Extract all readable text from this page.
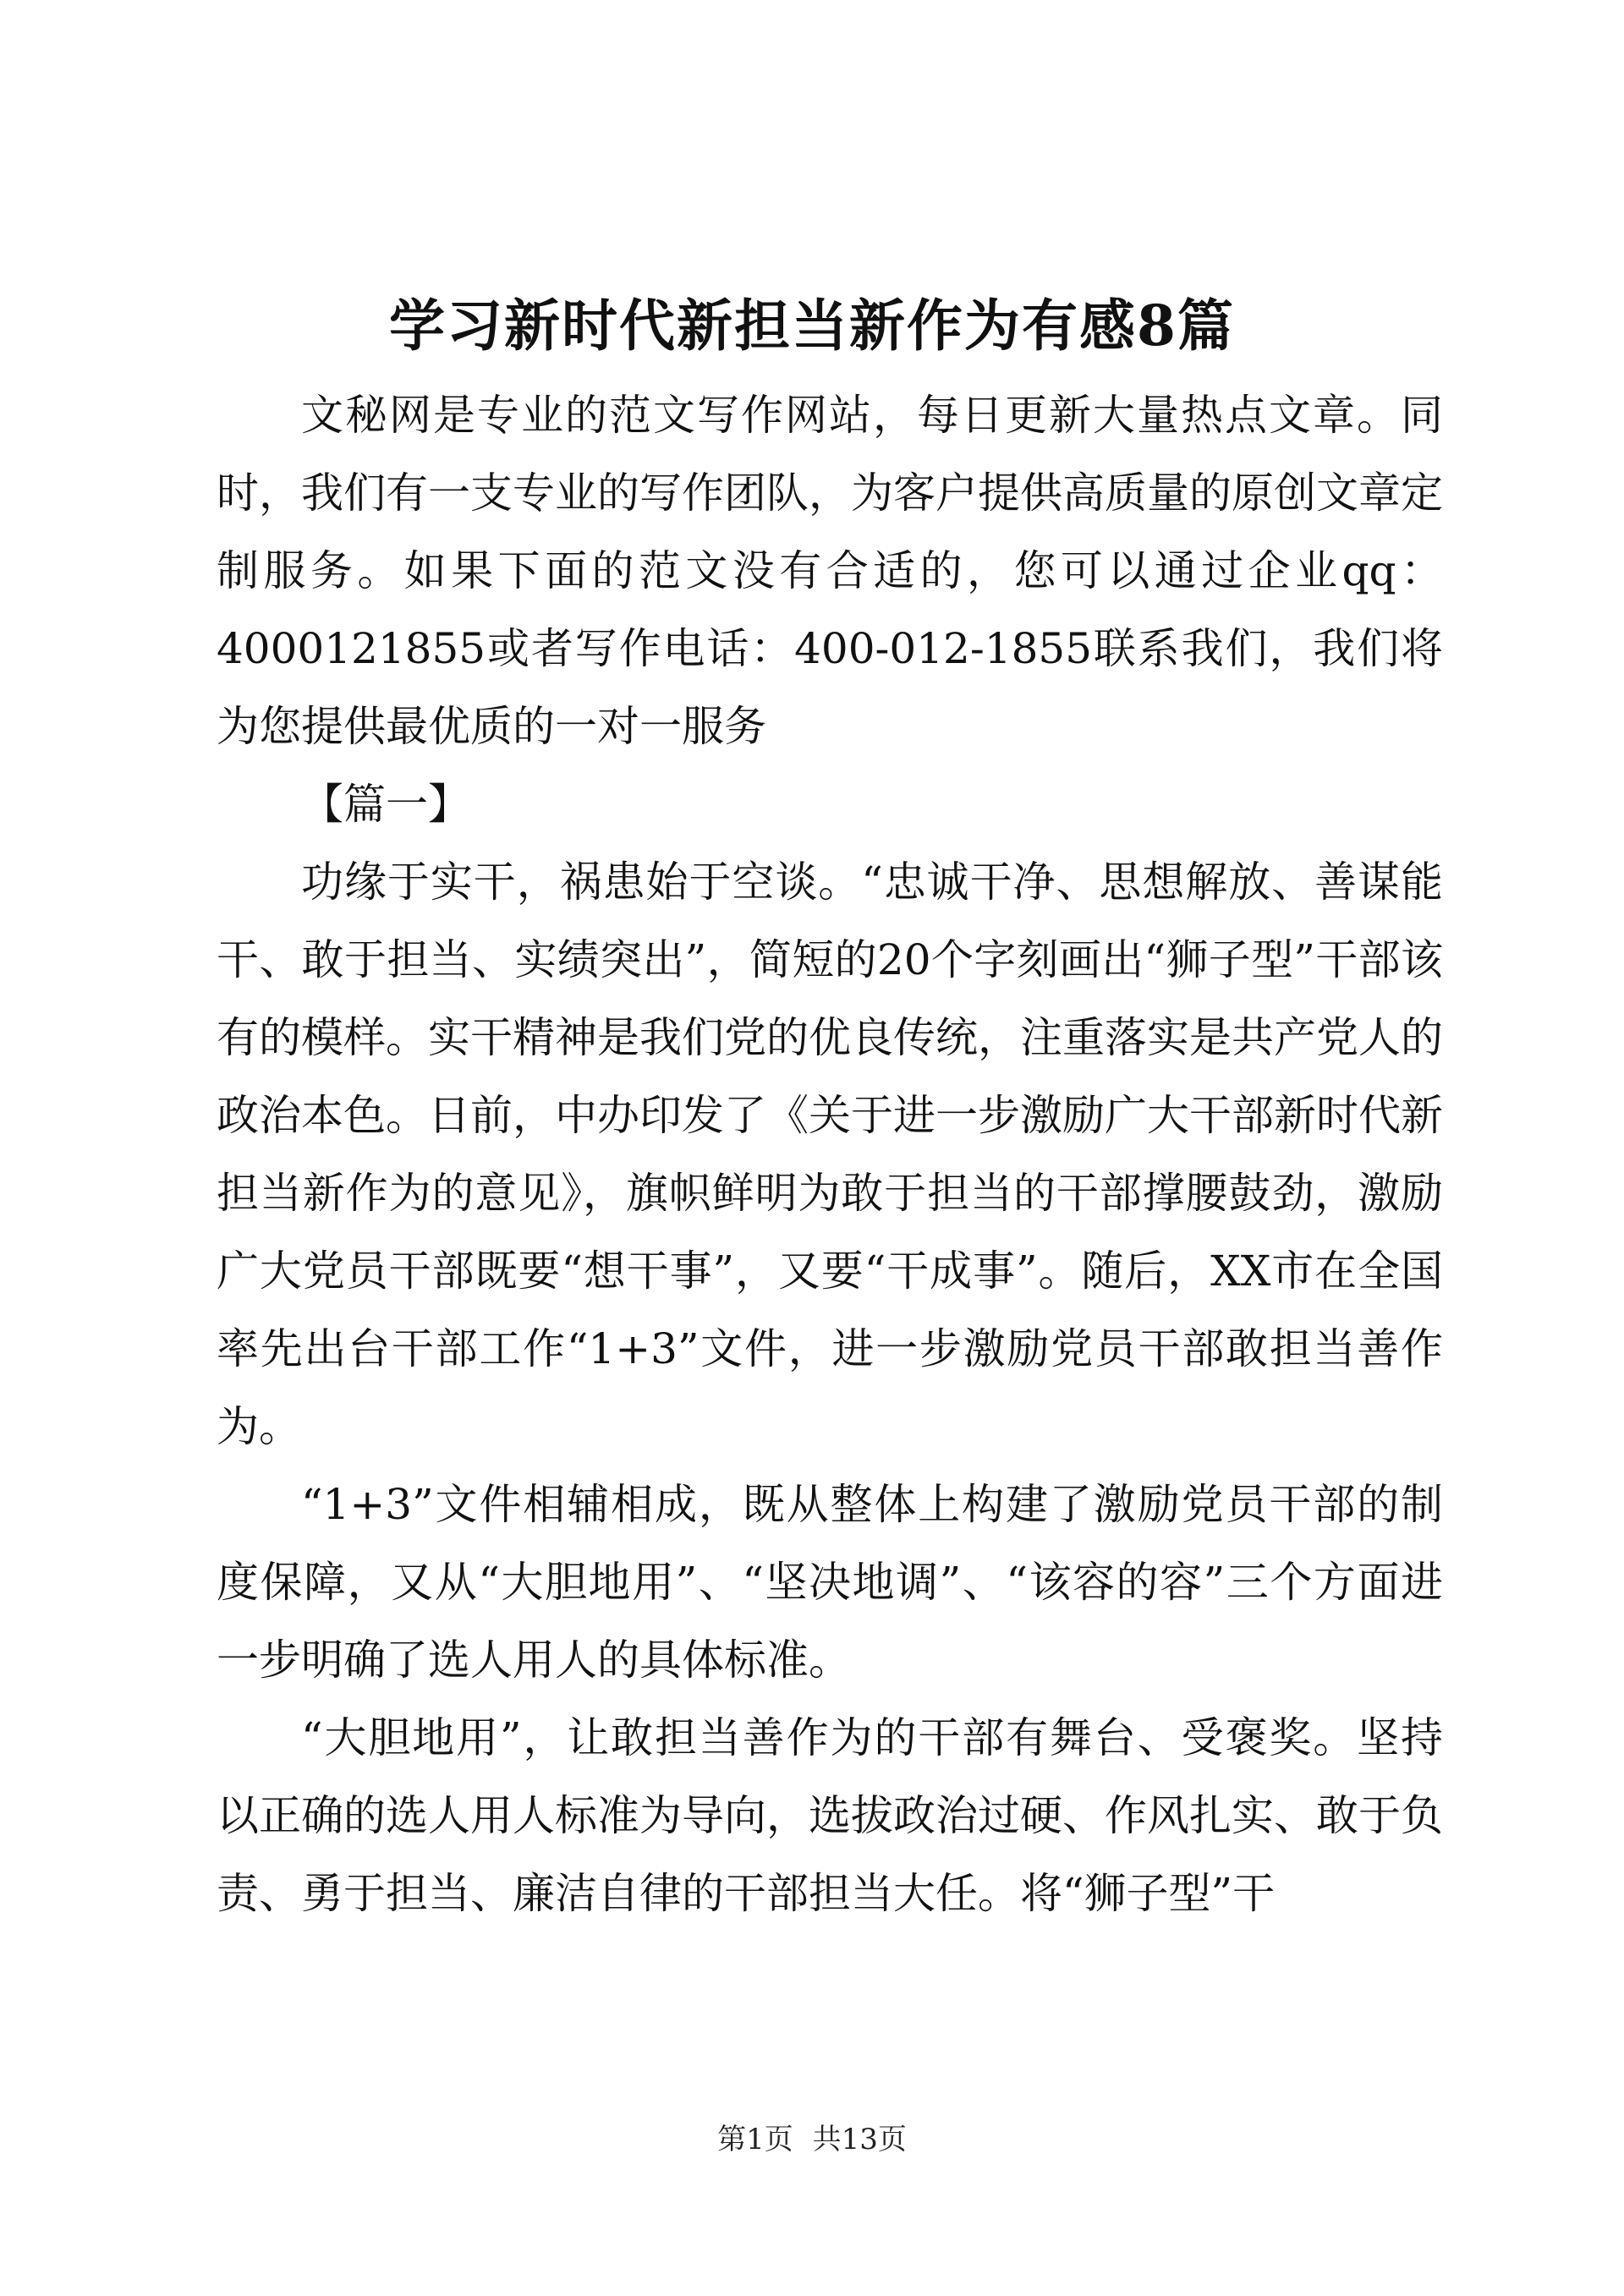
学习新时代新担当新作为有感8篇

文秘网是专业的范文写作网站，每日更新大量热点文章。同时，我们有一支专业的写作团队，为客户提供高质量的原创文章定制服务。如果下面的范文没有合适的，您可以通过企业qq：4000121855或者写作电话：400-012-1855联系我们，我们将为您提供最优质的一对一服务

【篇一】

功缘于实干，祸患始于空谈。“忠诚干净、思想解放、善谋能干、敢于担当、实绩突出”，简短的20个字刻画出“狮子型”干部该有的模样。实干精神是我们党的优良传统，注重落实是共产党人的政治本色。日前，中办印发了《关于进一步激励广大干部新时代新担当新作为的意见》，旗帜鲜明为敢于担当的干部撑腰鼓劲，激励广大党员干部既要“想干事”，又要“干成事”。随后，XX市在全国率先出台干部工作“1+3”文件，进一步激励党员干部敢担当善作为。

“1+3”文件相辅相成，既从整体上构建了激励党员干部的制度保障，又从“大胆地用”、“坚决地调”、“该容的容”三个方面进一步明确了选人用人的具体标准。

“大胆地用”，让敢担当善作为的干部有舞台、受褒奖。坚持以正确的选人用人标准为导向，选拔政治过硬、作风扎实、敢于负责、勇于担当、廉洁自律的干部担当大任。将“狮子型”干

第1页 共13页
